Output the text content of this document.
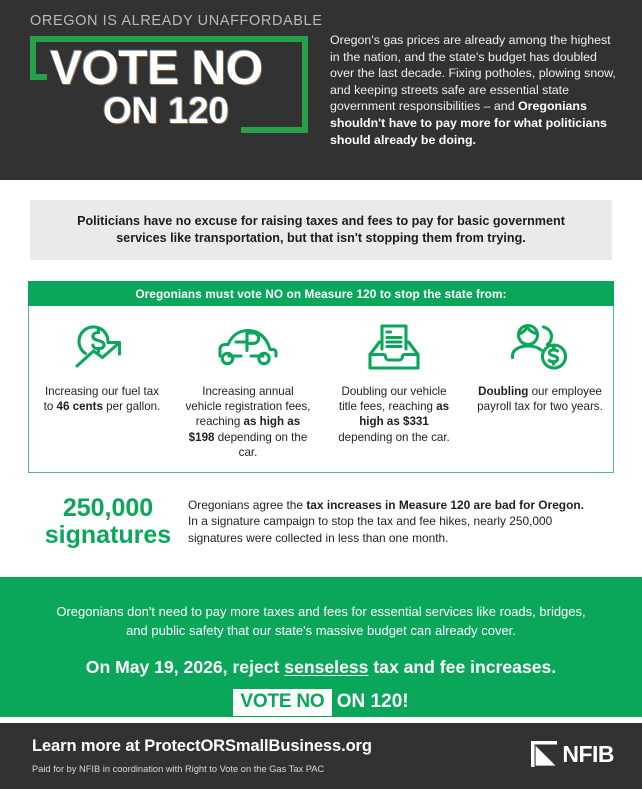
OREGON IS ALREADY UNAFFORDABLE
VOTE NO
ON 120
Oregon's gas prices are already among the highest in the nation, and the state's budget has doubled over the last decade. Fixing potholes, plowing snow, and keeping streets safe are essential state government responsibilities – and Oregonians shouldn't have to pay more for what politicians should already be doing.
Politicians have no excuse for raising taxes and fees to pay for basic government services like transportation, but that isn't stopping them from trying.
Oregonians must vote NO on Measure 120 to stop the state from:
Increasing our fuel tax to 46 cents per gallon.
Increasing annual vehicle registration fees, reaching as high as $198 depending on the car.
Doubling our vehicle title fees, reaching as high as $331 depending on the car.
Doubling our employee payroll tax for two years.
250,000
signatures
Oregonians agree the tax increases in Measure 120 are bad for Oregon. In a signature campaign to stop the tax and fee hikes, nearly 250,000 signatures were collected in less than one month.
Oregonians don't need to pay more taxes and fees for essential services like roads, bridges, and public safety that our state's massive budget can already cover.
On May 19, 2026, reject senseless tax and fee increases.
VOTE NO ON 120!
Learn more at ProtectORSmallBusiness.org
Paid for by NFIB in coordination with Right to Vote on the Gas Tax PAC
NFIB
